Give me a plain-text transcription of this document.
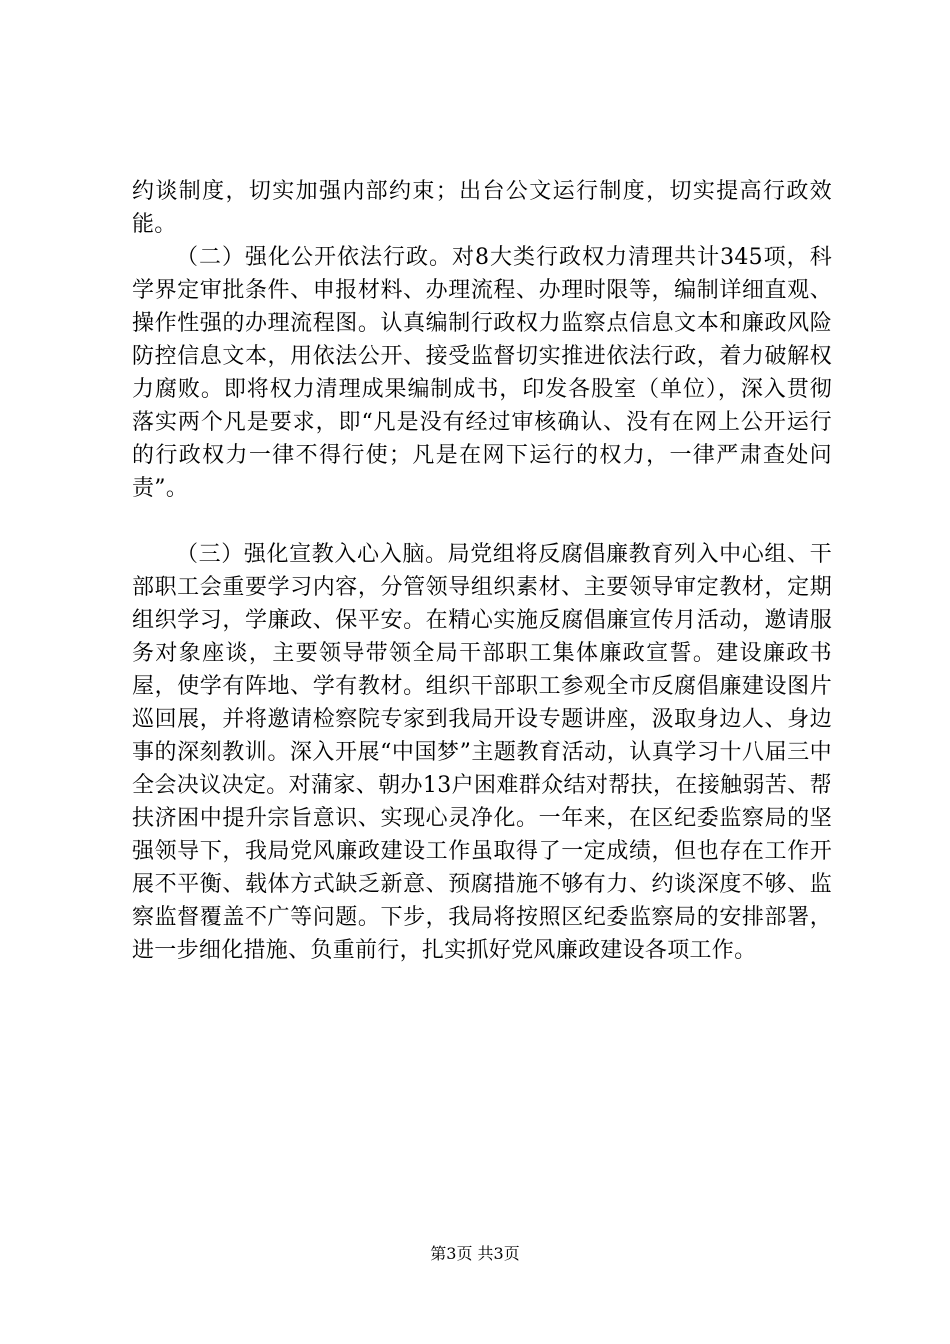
约谈制度，切实加强内部约束；出台公文运行制度，切实提高行政效能。

（二）强化公开依法行政。对8大类行政权力清理共计345项，科学界定审批条件、申报材料、办理流程、办理时限等，编制详细直观、操作性强的办理流程图。认真编制行政权力监察点信息文本和廉政风险防控信息文本，用依法公开、接受监督切实推进依法行政，着力破解权力腐败。即将权力清理成果编制成书，印发各股室（单位），深入贯彻落实两个凡是要求，即“凡是没有经过审核确认、没有在网上公开运行的行政权力一律不得行使；凡是在网下运行的权力，一律严肃查处问责”。

（三）强化宣教入心入脑。局党组将反腐倡廉教育列入中心组、干部职工会重要学习内容，分管领导组织素材、主要领导审定教材，定期组织学习，学廉政、保平安。在精心实施反腐倡廉宣传月活动，邀请服务对象座谈，主要领导带领全局干部职工集体廉政宣誓。建设廉政书屋，使学有阵地、学有教材。组织干部职工参观全市反腐倡廉建设图片巡回展，并将邀请检察院专家到我局开设专题讲座，汲取身边人、身边事的深刻教训。深入开展“中国梦”主题教育活动，认真学习十八届三中全会决议决定。对蒲家、朝办13户困难群众结对帮扶，在接触弱苦、帮扶济困中提升宗旨意识、实现心灵净化。一年来，在区纪委监察局的坚强领导下，我局党风廉政建设工作虽取得了一定成绩，但也存在工作开展不平衡、载体方式缺乏新意、预腐措施不够有力、约谈深度不够、监察监督覆盖不广等问题。下步，我局将按照区纪委监察局的安排部署，进一步细化措施、负重前行，扎实抓好党风廉政建设各项工作。

第3页 共3页
